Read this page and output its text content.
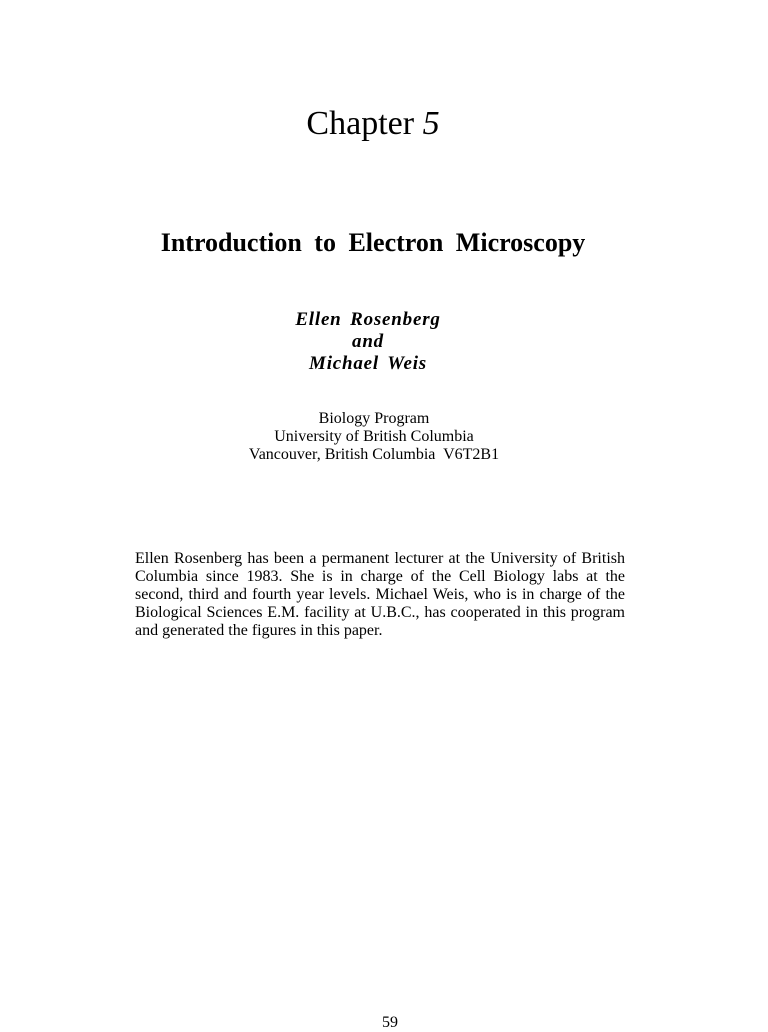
Chapter 5
Introduction to Electron Microscopy
Ellen Rosenberg
and
Michael Weis
Biology Program
University of British Columbia
Vancouver, British Columbia  V6T2B1

Ellen Rosenberg has been a permanent lecturer at the University of British Columbia since 1983. She is in charge of the Cell Biology labs at the second, third and fourth year levels. Michael Weis, who is in charge of the Biological Sciences E.M. facility at U.B.C., has cooperated in this program and generated the figures in this paper.

59
